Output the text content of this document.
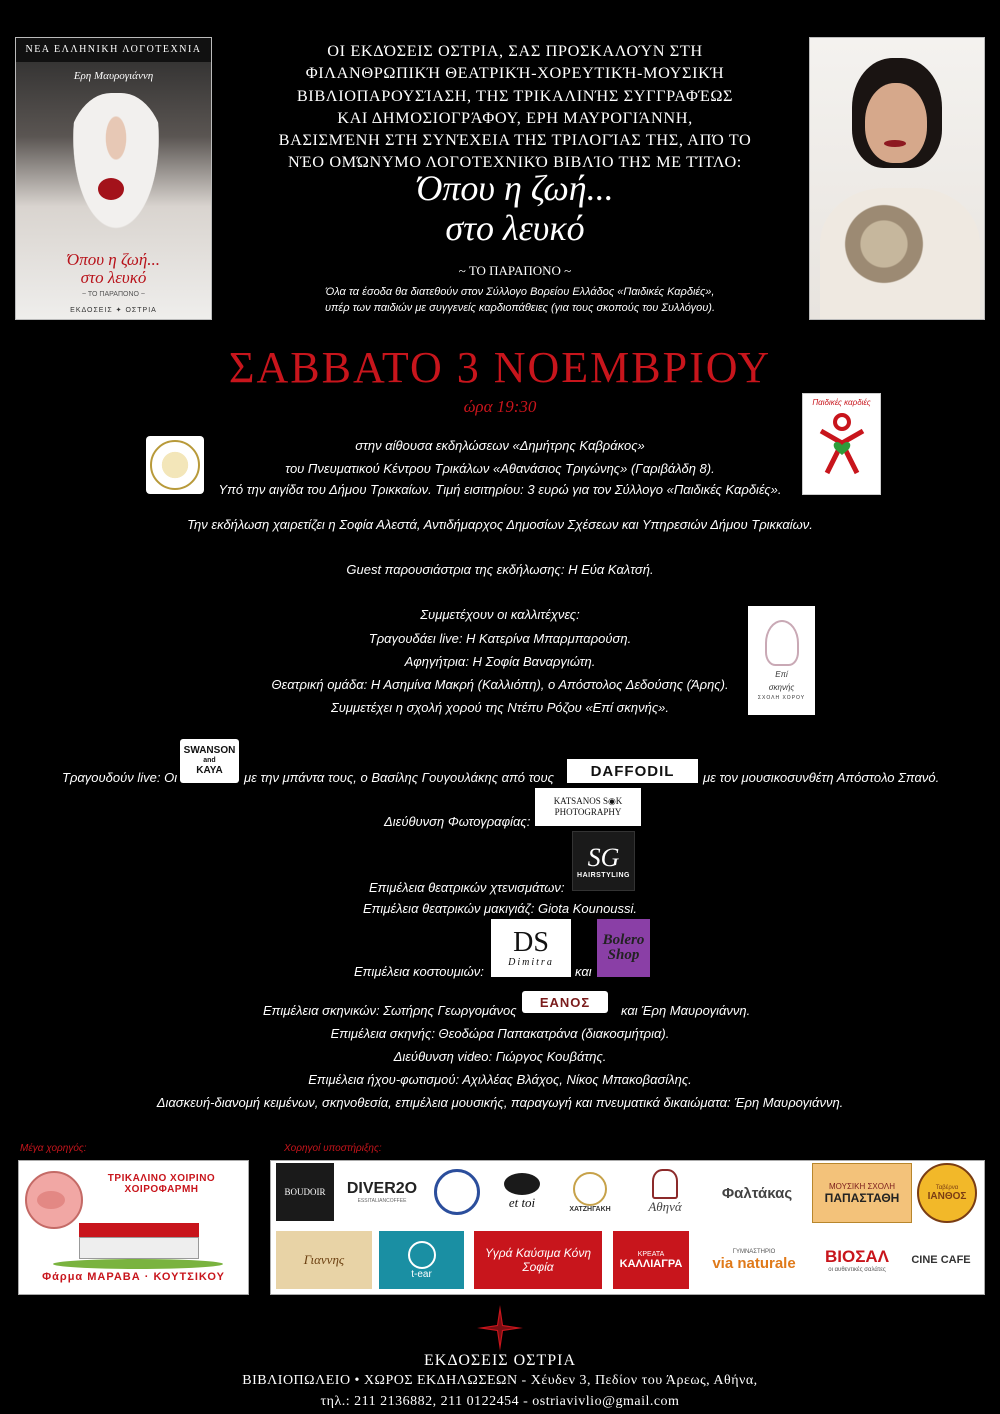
ΝΕΑ ΕΛΛΗΝΙΚΗ ΛΟΓΟΤΕΧΝΙΑ
Ερη Μαυρογιάννη
Όπου η ζωή...
στο λευκό
~ ΤΟ ΠΑΡΑΠΟΝΟ ~
ΕΚΔΟΣΕΙΣ ✦ ΟΣΤΡΙΑ
ΟΙ ΕΚΔΌΣΕΙΣ ΟΣΤΡΙΑ, ΣΑΣ ΠΡΟΣΚΑΛΟΎΝ ΣΤΗ
ΦΙΛΑΝΘΡΩΠΙΚΉ ΘΕΑΤΡΙΚΉ-ΧΟΡΕΥΤΙΚΉ-ΜΟΥΣΙΚΉ
ΒΙΒΛΙΟΠΑΡΟΥΣΊΑΣΗ, ΤΗΣ ΤΡΙΚΑΛΙΝΉΣ ΣΥΓΓΡΑΦΈΩΣ
ΚΑΙ ΔΗΜΟΣΙΟΓΡΆΦΟΥ, ΕΡΗ ΜΑΥΡΟΓΙΆΝΝΗ,
ΒΑΣΙΣΜΈΝΗ ΣΤΗ ΣΥΝΈΧΕΙΑ ΤΗΣ ΤΡΙΛΟΓΊΑΣ ΤΗΣ, ΑΠΌ ΤΟ
ΝΈΟ ΟΜΏΝΥΜΟ ΛΟΓΟΤΕΧΝΙΚΌ ΒΙΒΛΊΟ ΤΗΣ ΜΕ ΤΊΤΛΟ:
Όπου η ζωή...
στο λευκό
~ ΤΟ ΠΑΡΑΠΟΝΟ ~
Όλα τα έσοδα θα διατεθούν στον Σύλλογο Βορείου Ελλάδος «Παιδικές Καρδιές»,
υπέρ των παιδιών με συγγενείς καρδιοπάθειες (για τους σκοπούς του Συλλόγου).
ΣΑΒΒΑΤΟ 3 ΝΟΕΜΒΡΙΟΥ
ώρα 19:30	Παιδικές καρδιές
στην αίθουσα εκδηλώσεων «Δημήτρης Καβράκος»
του Πνευματικού Κέντρου Τρικάλων «Αθανάσιος Τριγώνης» (Γαριβάλδη 8).
Υπό την αιγίδα του Δήμου Τρικκαίων. Τιμή εισιτηρίου: 3 ευρώ για τον Σύλλογο «Παιδικές Καρδιές».
Την εκδήλωση χαιρετίζει η Σοφία Αλεστά, Αντιδήμαρχος Δημοσίων Σχέσεων και Υπηρεσιών Δήμου Τρικκαίων.
Guest παρουσιάστρια της εκδήλωσης: Η Εύα Καλτσή.
Συμμετέχουν οι καλλιτέχνες:
Τραγουδάει live: Η Κατερίνα Μπαρμπαρούση.
Αφηγήτρια: Η Σοφία Βαναργιώτη.
Θεατρική ομάδα: Η Ασημίνα Μακρή (Καλλιόπη), ο Απόστολος Δεδούσης (Άρης).
Συμμετέχει η σχολή χορού της Ντέπυ Ρόζου «Επί σκηνής».
Επί
σκηνής
ΣΧΟΛΗ ΧΟΡΟΥ
Τραγουδούν live: Οι
SWANSON
and
KAYA	με την μπάντα τους, ο Βασίλης Γουγουλάκης από τους	DAFFODIL	με τον μουσικοσυνθέτη Απόστολο Σπανό.
Διεύθυνση Φωτογραφίας:
KATSANOS S◉K
PHOTOGRAPHY
Επιμέλεια θεατρικών χτενισμάτων:
SG
HAIRSTYLING
Επιμέλεια θεατρικών μακιγιάζ: Giota Kounoussi.
Επιμέλεια κοστουμιών:
DS
Dimitra
και
Bolero
Shop
Επιμέλεια σκηνικών: Σωτήρης Γεωργομάνος
ΕΑΝΟΣ
και Έρη Μαυρογιάννη.
Επιμέλεια σκηνής: Θεοδώρα Παπακατράνα (διακοσμήτρια).
Διεύθυνση video: Γιώργος Κουβάτης.
Επιμέλεια ήχου-φωτισμού: Αχιλλέας Βλάχος, Νίκος Μπακοβασίλης.
Διασκευή-διανομή κειμένων, σκηνοθεσία, επιμέλεια μουσικής, παραγωγή και πνευματικά δικαιώματα: Έρη Μαυρογιάννη.
Μέγα χορηγός:	Χορηγοί υποστήριξης:
ΤΡΙΚΑΛΙΝΟ ΧΟΙΡΙΝΟ ΧΟΙΡΟΦΑΡΜΗ
Φάρμα ΜΑΡΑΒΑ · ΚΟΥΤΣΙΚΟΥ
BOUDOIR	DIVER2O
ESSITALIANCOFFEE	et toi	ΧΑΤΖΗΓΑΚΗ	Αθηνά
Φαλτάκας	ΜΟΥΣΙΚΗ ΣΧΟΛΗ
ΠΑΠΑΣΤΑΘΗ
Ταβέρνα
ΙΑΝΘΟΣ
Γιαννης
t-ear
Υγρά Καύσιμα Κόνη Σοφία
ΚΡΕΑΤΑ
ΚΑΛΛΙΑΓΡΑ
ΓΥΜΝΑΣΤΗΡΙΟ
via naturale ΒΙΟΣΑΛ
οι αυθεντικές σαλάτες
CINE CAFE
ΕΚΔΟΣΕΙΣ ΟΣΤΡΙΑ
ΒΙΒΛΙΟΠΩΛΕΙΟ • ΧΩΡΟΣ ΕΚΔΗΛΩΣΕΩΝ - Χέυδεν 3, Πεδίον του Άρεως, Αθήνα,
τηλ.: 211 2136882, 211 0122454 - ostriavivlio@gmail.com
